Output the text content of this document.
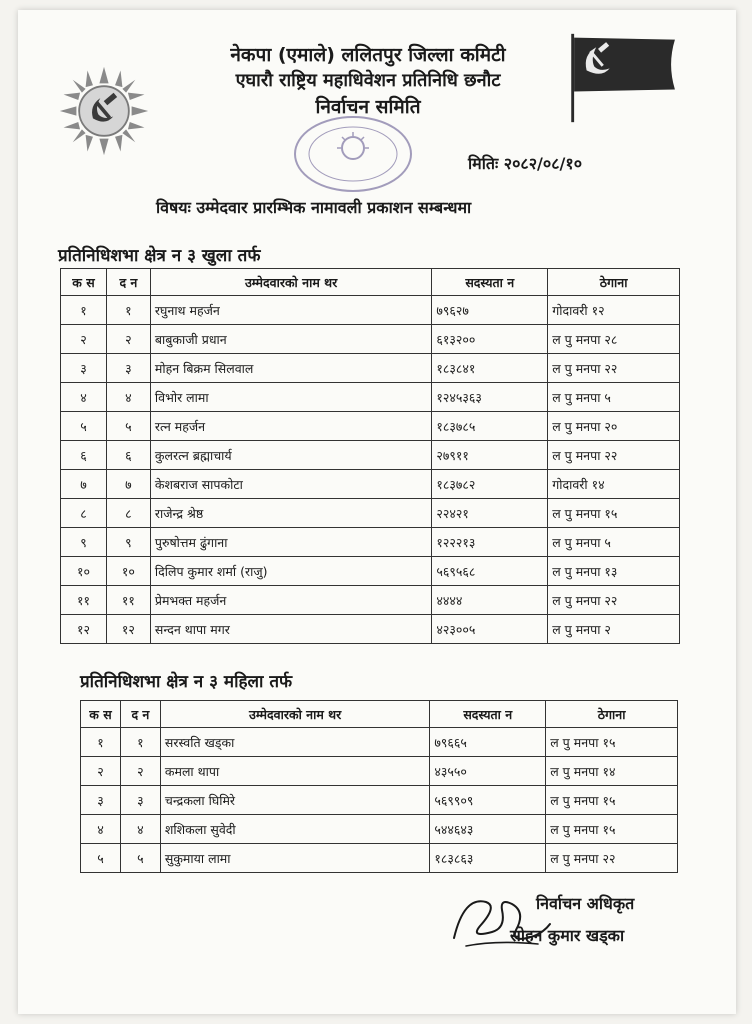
नेकपा (एमाले) ललितपुर जिल्ला कमिटी
एघारौ राष्ट्रिय महाधिवेशन प्रतिनिधि छनौट
निर्वाचन समिति
मितिः २०८२/०८/१०
विषयः उम्मेदवार प्रारम्भिक नामावली प्रकाशन सम्बन्धमा
प्रतिनिधिशभा क्षेत्र न ३ खुला तर्फ
क स	द न	उम्मेदवारको नाम थर	सदस्यता न	ठेगाना
१	१	रघुनाथ महर्जन	७९६२७	गोदावरी १२
२	२	बाबुकाजी प्रधान	६१३२००	ल पु मनपा २८
३	३	मोहन बिक्रम सिलवाल	१८३८४१	ल पु मनपा २२
४	४	विभोर लामा	१२४५३६३	ल पु मनपा ५
५	५	रत्न महर्जन	१८३७८५	ल पु मनपा २०
६	६	कुलरत्न ब्रह्माचार्य	२७९११	ल पु मनपा २२
७	७	केशबराज सापकोटा	१८३७८२	गोदावरी १४
८	८	राजेन्द्र श्रेष्ठ	२२४२१	ल पु मनपा १५
९	९	पुरुषोत्तम ढुंगाना	१२२२१३	ल पु मनपा ५
१०	१०	दिलिप कुमार शर्मा (राजु)	५६९५६८	ल पु मनपा १३
११	११	प्रेमभक्त महर्जन	४४४४	ल पु मनपा २२
१२	१२	सन्दन थापा मगर	४२३००५	ल पु मनपा २
प्रतिनिधिशभा क्षेत्र न ३ महिला तर्फ
क स	द न	उम्मेदवारको नाम थर	सदस्यता न	ठेगाना
१	१	सरस्वति खड्का	७९६६५	ल पु मनपा १५
२	२	कमला थापा	४३५५०	ल पु मनपा १४
३	३	चन्द्रकला घिमिरे	५६९९०९	ल पु मनपा १५
४	४	शशिकला सुवेदी	५४४६४३	ल पु मनपा १५
५	५	सुकुमाया लामा	१८३८६३	ल पु मनपा २२
निर्वाचन अधिकृत
सोहन कुमार खड्का
